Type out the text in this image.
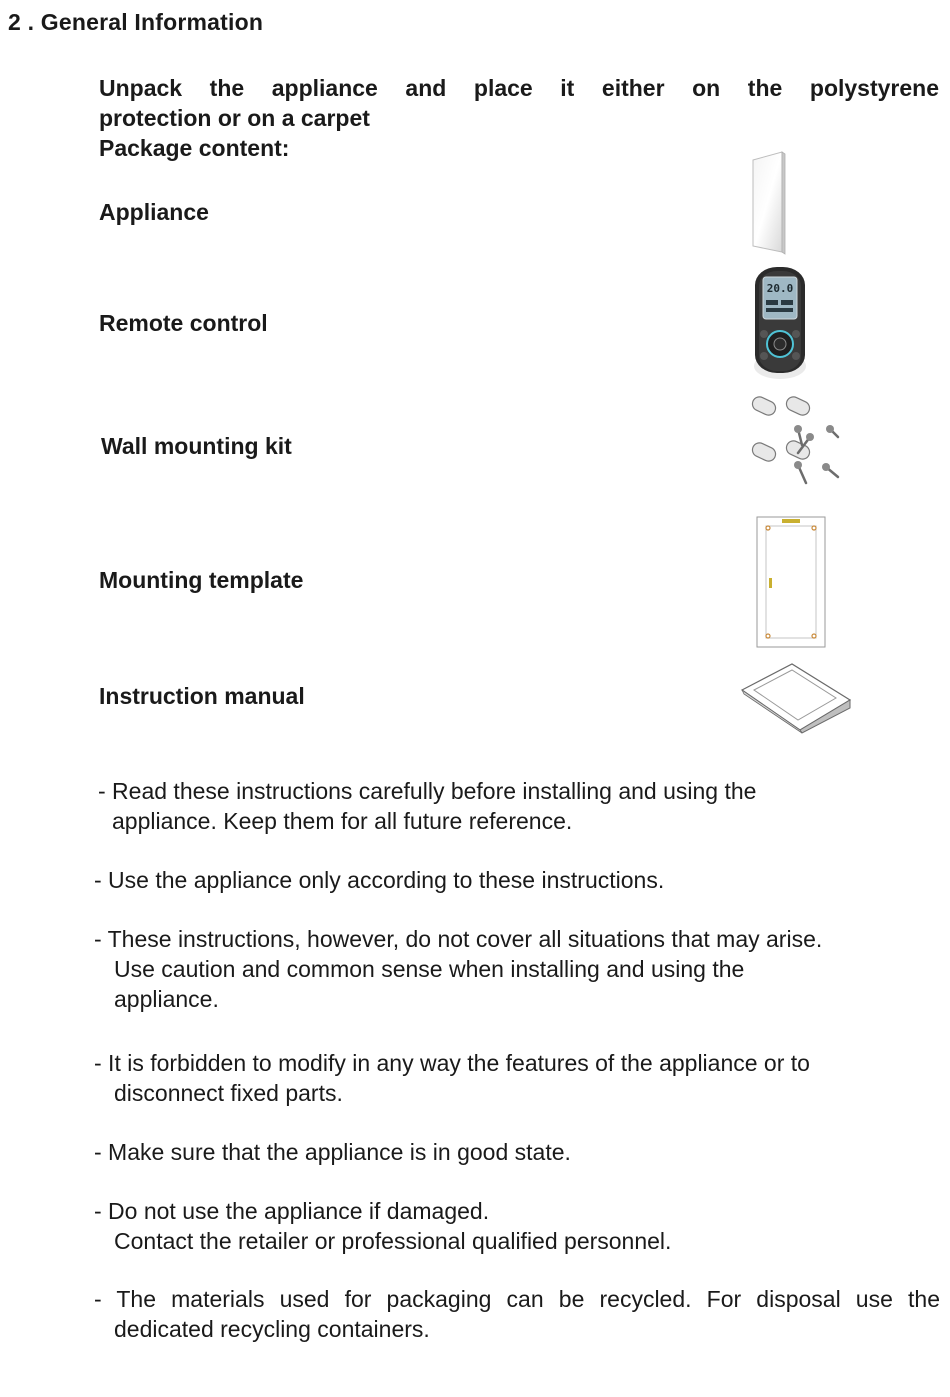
2 . General Information
Unpack the appliance and place it either on the polystyrene
protection or on a carpet
Package content:
Appliance
Remote control
Wall mounting kit
Mounting template
Instruction manual
20.0
- Read these instructions carefully before installing and using the
appliance. Keep them for all future reference.
- Use the appliance only according to these instructions.
- These instructions, however, do not cover all situations that may arise.
Use caution and common sense when installing and using the
appliance.
- It is forbidden to modify in any way the features of the appliance or to
disconnect fixed parts.
- Make sure that the appliance is in good state.
- Do not use the appliance if damaged.
Contact the retailer or professional qualified personnel.
- The materials used for packaging can be recycled. For disposal use the
dedicated recycling containers.
